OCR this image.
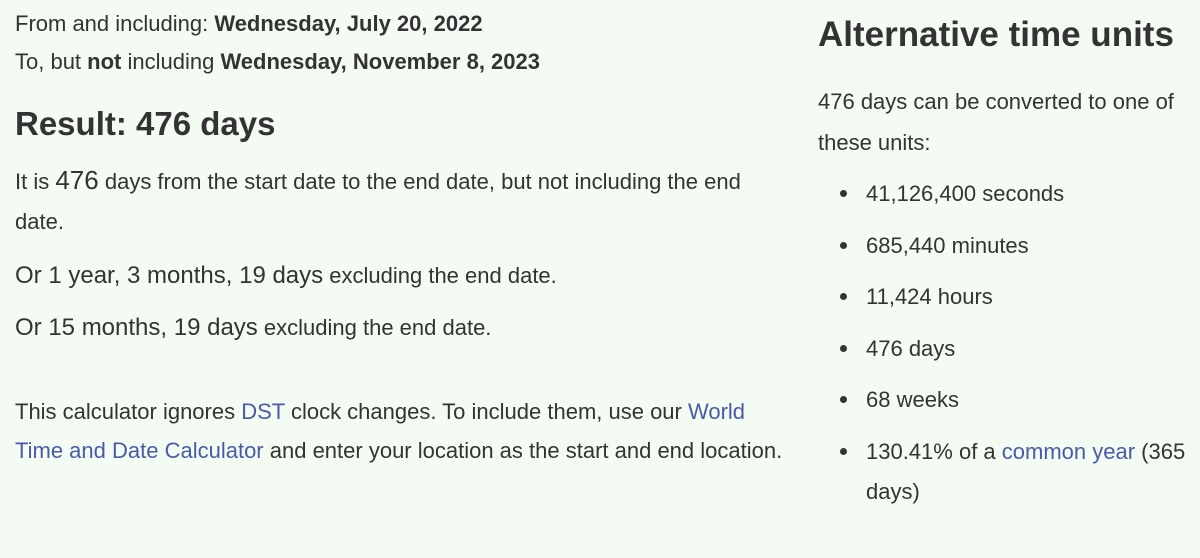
From and including: Wednesday, July 20, 2022

To, but not including Wednesday, November 8, 2023

Result: 476 days

It is 476 days from the start date to the end date, but not including the end date.

Or 1 year, 3 months, 19 days excluding the end date.

Or 15 months, 19 days excluding the end date.

This calculator ignores DST clock changes. To include them, use our World Time and Date Calculator and enter your location as the start and end location.

Alternative time units

476 days can be converted to one of these units:

41,126,400 seconds
685,440 minutes
11,424 hours
476 days
68 weeks
130.41% of a common year (365 days)
